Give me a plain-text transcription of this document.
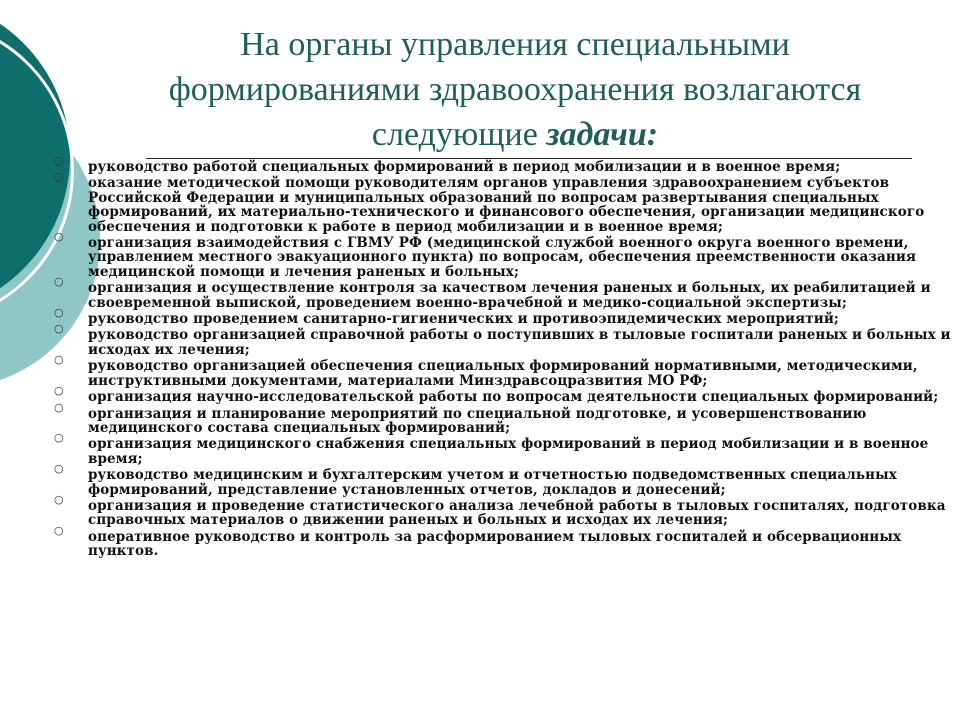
На органы управления специальными
формированиями здравоохранения возлагаются
следующие задачи:
○ руководство работой специальных формирований в период мобилизации и в военное время;
○ оказание методической помощи руководителям органов управления здравоохранением субъектов Российской Федерации и муниципальных образований по вопросам развертывания специальных формирований, их материально-технического и финансового обеспечения, организации медицинского обеспечения и подготовки к работе в период мобилизации и в военное время;
○ организация взаимодействия с ГВМУ РФ (медицинской службой военного округа военного времени, управлением местного эвакуационного пункта) по вопросам, обеспечения преемственности оказания медицинской помощи и лечения раненых и больных;
○ организация и осуществление контроля за качеством лечения раненых и больных, их реабилитацией и своевременной выпиской, проведением военно-врачебной и медико-социальной экспертизы;
○ руководство проведением санитарно-гигиенических и противоэпидемических мероприятий;
○ руководство организацией справочной работы о поступивших в тыловые госпитали раненых и больных и исходах их лечения;
○ руководство организацией обеспечения специальных формирований нормативными, методическими, инструктивными документами, материалами Минздравсоцразвития МО РФ;
○ организация научно-исследовательской работы по вопросам деятельности специальных формирований;
○ организация и планирование мероприятий по специальной подготовке, и усовершенствованию медицинского состава специальных формирований;
○ организация медицинского снабжения специальных формирований в период мобилизации и в военное время;
○ руководство медицинским и бухгалтерским учетом и отчетностью подведомственных специальных формирований, представление установленных отчетов, докладов и донесений;
○ организация и проведение статистического анализа лечебной работы в тыловых госпиталях, подготовка справочных материалов о движении раненых и больных и исходах их лечения;
○ оперативное руководство и контроль за расформированием тыловых госпиталей и обсервационных пунктов.
